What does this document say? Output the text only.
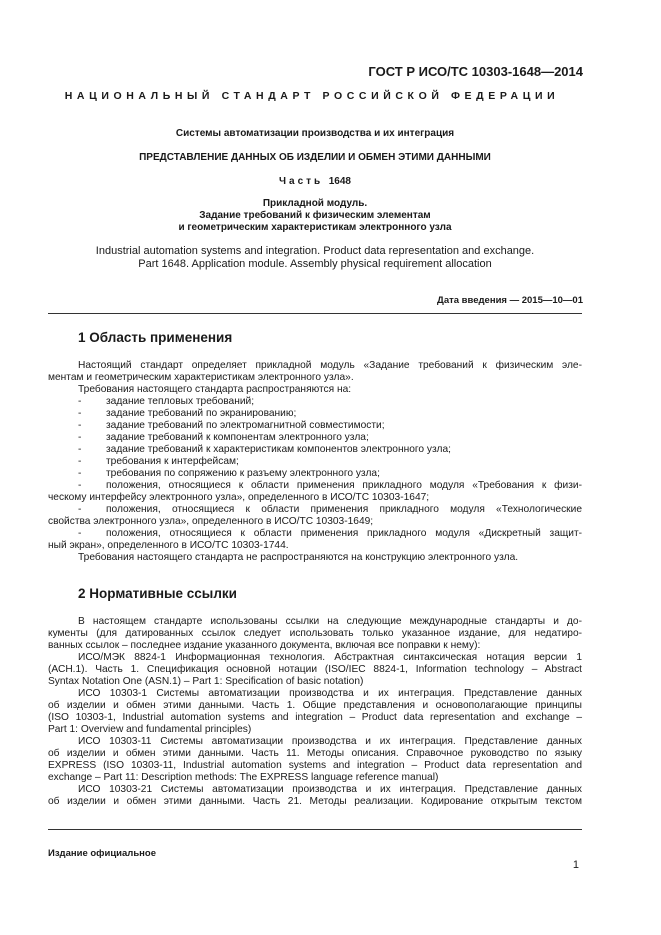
ГОСТ Р ИСО/ТС 10303-1648—2014
НАЦИОНАЛЬНЫЙ СТАНДАРТ РОССИЙСКОЙ ФЕДЕРАЦИИ
Системы автоматизации производства и их интеграция
ПРЕДСТАВЛЕНИЕ ДАННЫХ ОБ ИЗДЕЛИИ И ОБМЕН ЭТИМИ ДАННЫМИ
Часть 1648
Прикладной модуль.
Задание требований к физическим элементам
и геометрическим характеристикам электронного узла
Industrial automation systems and integration. Product data representation and exchange.
Part 1648. Application module. Assembly physical requirement allocation
Дата введения — 2015—10—01
1 Область применения
Настоящий стандарт определяет прикладной модуль «Задание требований к физическим эле-
ментам и геометрическим характеристикам электронного узла».
Требования настоящего стандарта распространяются на:
- задание тепловых требований;
- задание требований по экранированию;
- задание требований по электромагнитной совместимости;
- задание требований к компонентам электронного узла;
- задание требований к характеристикам компонентов электронного узла;
- требования к интерфейсам;
- требования по сопряжению к разъему электронного узла;
- положения, относящиеся к области применения прикладного модуля «Требования к физи-
ческому интерфейсу электронного узла», определенного в ИСО/ТС 10303-1647;
- положения, относящиеся к области применения прикладного модуля «Технологические
свойства электронного узла», определенного в ИСО/ТС 10303-1649;
- положения, относящиеся к области применения прикладного модуля «Дискретный защит-
ный экран», определенного в ИСО/ТС 10303-1744.
Требования настоящего стандарта не распространяются на конструкцию электронного узла.
2 Нормативные ссылки
В настоящем стандарте использованы ссылки на следующие международные стандарты и до-
кументы (для датированных ссылок следует использовать только указанное издание, для недатиро-
ванных ссылок – последнее издание указанного документа, включая все поправки к нему):
ИСО/МЭК 8824-1 Информационная технология. Абстрактная синтаксическая нотация версии 1
(АСН.1). Часть 1. Спецификация основной нотации (ISO/IEC 8824-1, Information technology – Abstract
Syntax Notation One (ASN.1) – Part 1: Specification of basic notation)
ИСО 10303-1 Системы автоматизации производства и их интеграция. Представление данных
об изделии и обмен этими данными. Часть 1. Общие представления и основополагающие принципы
(ISO 10303-1, Industrial automation systems and integration – Product data representation and exchange –
Part 1: Overview and fundamental principles)
ИСО 10303-11 Системы автоматизации производства и их интеграция. Представление данных
об изделии и обмен этими данными. Часть 11. Методы описания. Справочное руководство по языку
EXPRESS (ISO 10303-11, Industrial automation systems and integration – Product data representation and
exchange – Part 11: Description methods: The EXPRESS language reference manual)
ИСО 10303-21 Системы автоматизации производства и их интеграция. Представление данных
об изделии и обмен этими данными. Часть 21. Методы реализации. Кодирование открытым текстом
Издание официальное
1
